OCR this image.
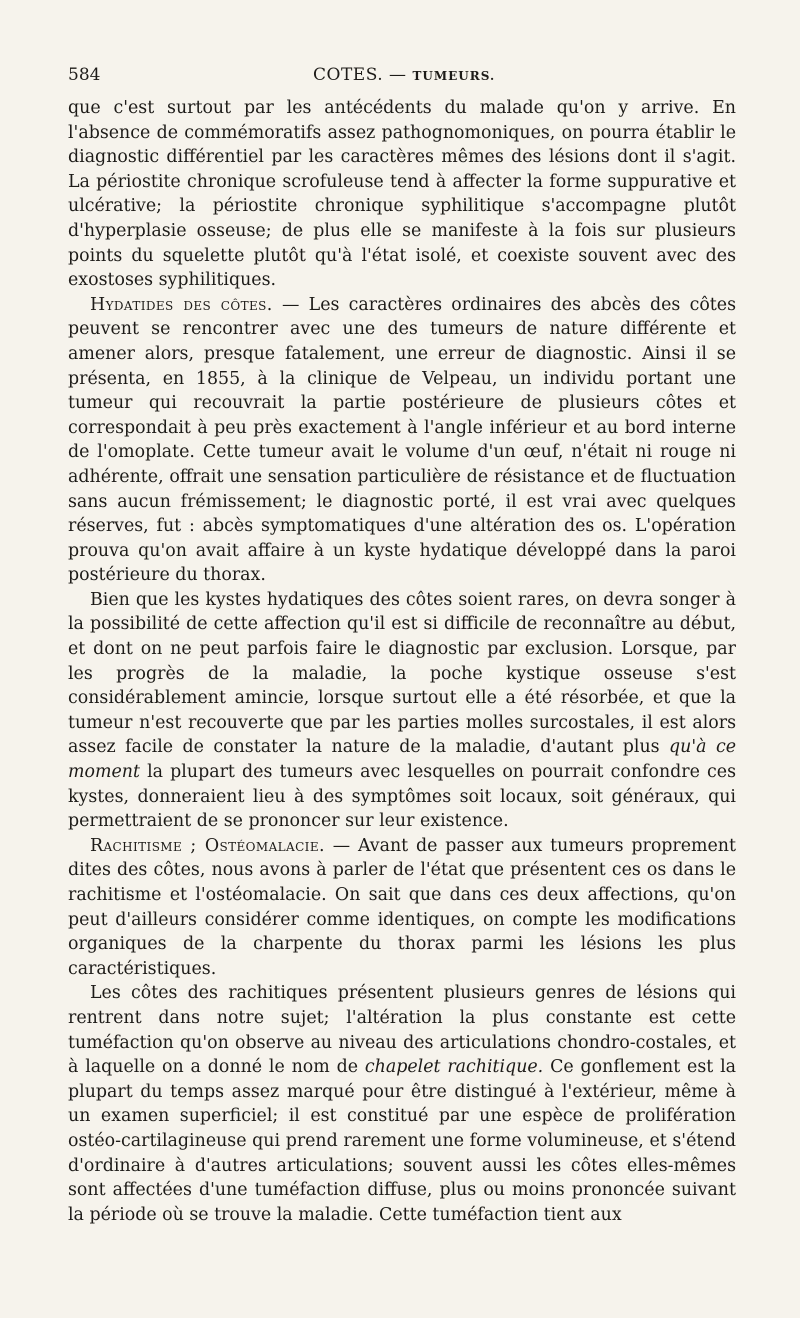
584	COTES. — TUMEURS.

que c'est surtout par les antécédents du malade qu'on y arrive. En l'absence de commémoratifs assez pathognomoniques, on pourra établir le diagnostic différentiel par les caractères mêmes des lésions dont il s'agit. La périostite chronique scrofuleuse tend à affecter la forme suppurative et ulcérative; la périostite chronique syphilitique s'accompagne plutôt d'hyperplasie osseuse; de plus elle se manifeste à la fois sur plusieurs points du squelette plutôt qu'à l'état isolé, et coexiste souvent avec des exostoses syphilitiques.

Hydatides des côtes. — Les caractères ordinaires des abcès des côtes peuvent se rencontrer avec une des tumeurs de nature différente et amener alors, presque fatalement, une erreur de diagnostic. Ainsi il se présenta, en 1855, à la clinique de Velpeau, un individu portant une tumeur qui recouvrait la partie postérieure de plusieurs côtes et correspondait à peu près exactement à l'angle inférieur et au bord interne de l'omoplate. Cette tumeur avait le volume d'un œuf, n'était ni rouge ni adhérente, offrait une sensation particulière de résistance et de fluctuation sans aucun frémissement; le diagnostic porté, il est vrai avec quelques réserves, fut : abcès symptomatiques d'une altération des os. L'opération prouva qu'on avait affaire à un kyste hydatique développé dans la paroi postérieure du thorax.

Bien que les kystes hydatiques des côtes soient rares, on devra songer à la possibilité de cette affection qu'il est si difficile de reconnaître au début, et dont on ne peut parfois faire le diagnostic par exclusion. Lorsque, par les progrès de la maladie, la poche kystique osseuse s'est considérablement amincie, lorsque surtout elle a été résorbée, et que la tumeur n'est recouverte que par les parties molles surcostales, il est alors assez facile de constater la nature de la maladie, d'autant plus qu'à ce moment la plupart des tumeurs avec lesquelles on pourrait confondre ces kystes, donneraient lieu à des symptômes soit locaux, soit généraux, qui permettraient de se prononcer sur leur existence.

Rachitisme ; Ostéomalacie. — Avant de passer aux tumeurs proprement dites des côtes, nous avons à parler de l'état que présentent ces os dans le rachitisme et l'ostéomalacie. On sait que dans ces deux affections, qu'on peut d'ailleurs considérer comme identiques, on compte les modifications organiques de la charpente du thorax parmi les lésions les plus caractéristiques.

Les côtes des rachitiques présentent plusieurs genres de lésions qui rentrent dans notre sujet; l'altération la plus constante est cette tuméfaction qu'on observe au niveau des articulations chondro-costales, et à laquelle on a donné le nom de chapelet rachitique. Ce gonflement est la plupart du temps assez marqué pour être distingué à l'extérieur, même à un examen superficiel; il est constitué par une espèce de prolifération ostéo-cartilagineuse qui prend rarement une forme volumineuse, et s'étend d'ordinaire à d'autres articulations; souvent aussi les côtes elles-mêmes sont affectées d'une tuméfaction diffuse, plus ou moins prononcée suivant la période où se trouve la maladie. Cette tuméfaction tient aux
